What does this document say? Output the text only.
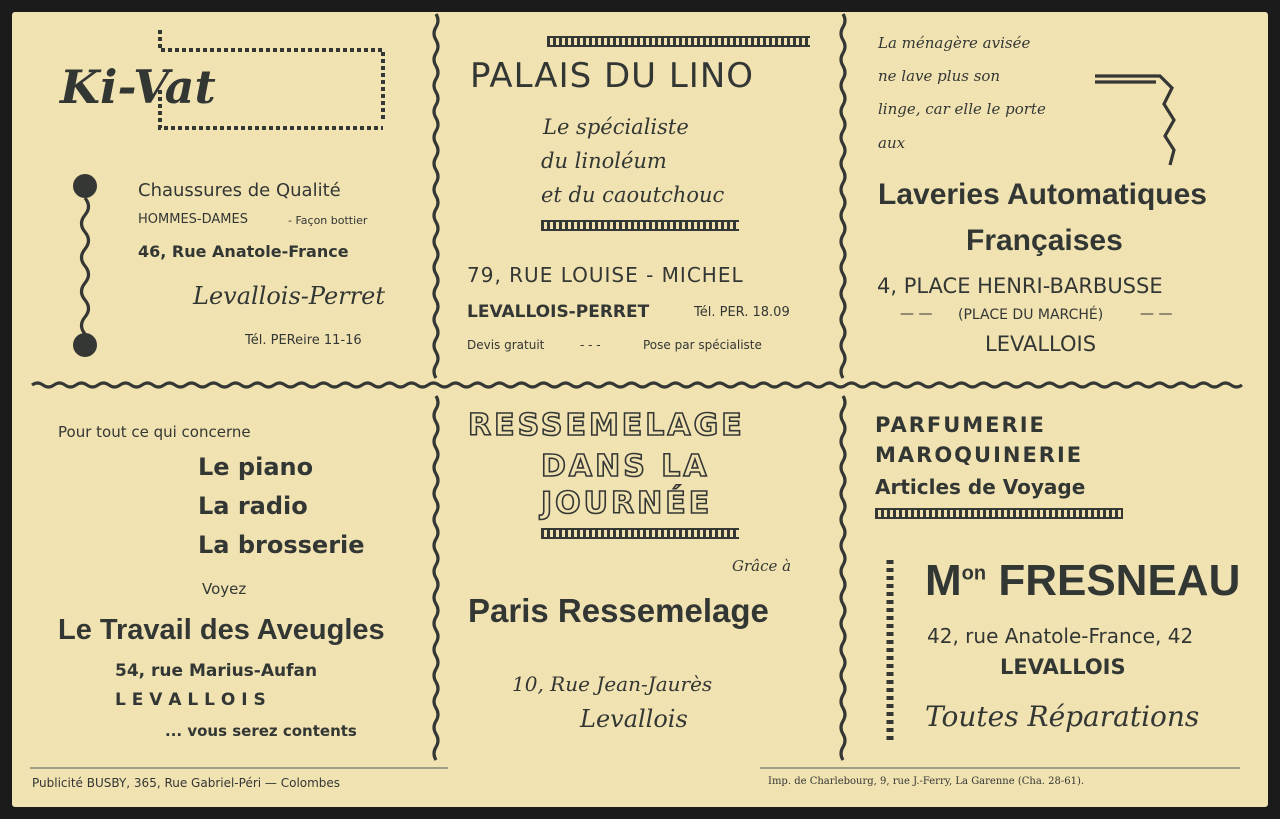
Ki-Vat
Chaussures de Qualité
HOMMES-DAMES	- Façon bottier
46, Rue Anatole-France
Levallois-Perret
Tél. PEReire 11-16
PALAIS DU LINO
Le spécialiste
du linoléum
et du caoutchouc
79, RUE LOUISE - MICHEL
LEVALLOIS-PERRET	Tél. PER. 18.09
Devis gratuit	- - -	Pose par spécialiste
La ménagère avisée
ne lave plus son
linge, car elle le porte
aux
Laveries Automatiques
Françaises
4, PLACE HENRI-BARBUSSE
(PLACE DU MARCHÉ)
— —	— —
LEVALLOIS
Pour tout ce qui concerne
Le piano
La radio
La brosserie
Voyez
Le Travail des Aveugles
54, rue Marius-Aufan
L E V A L L O I S
... vous serez contents
RESSEMELAGE
DANS LA
JOURNÉE
Grâce à
Paris Ressemelage
10, Rue Jean-Jaurès
Levallois
PARFUMERIE
MAROQUINERIE
Articles de Voyage
$M^{on}$ FRESNEAU
42, rue Anatole-France, 42
LEVALLOIS
Toutes Réparations
Publicité BUSBY, 365, Rue Gabriel-Péri — Colombes	Imp. de Charlebourg, 9, rue J.-Ferry, La Garenne (Cha. 28-61).
